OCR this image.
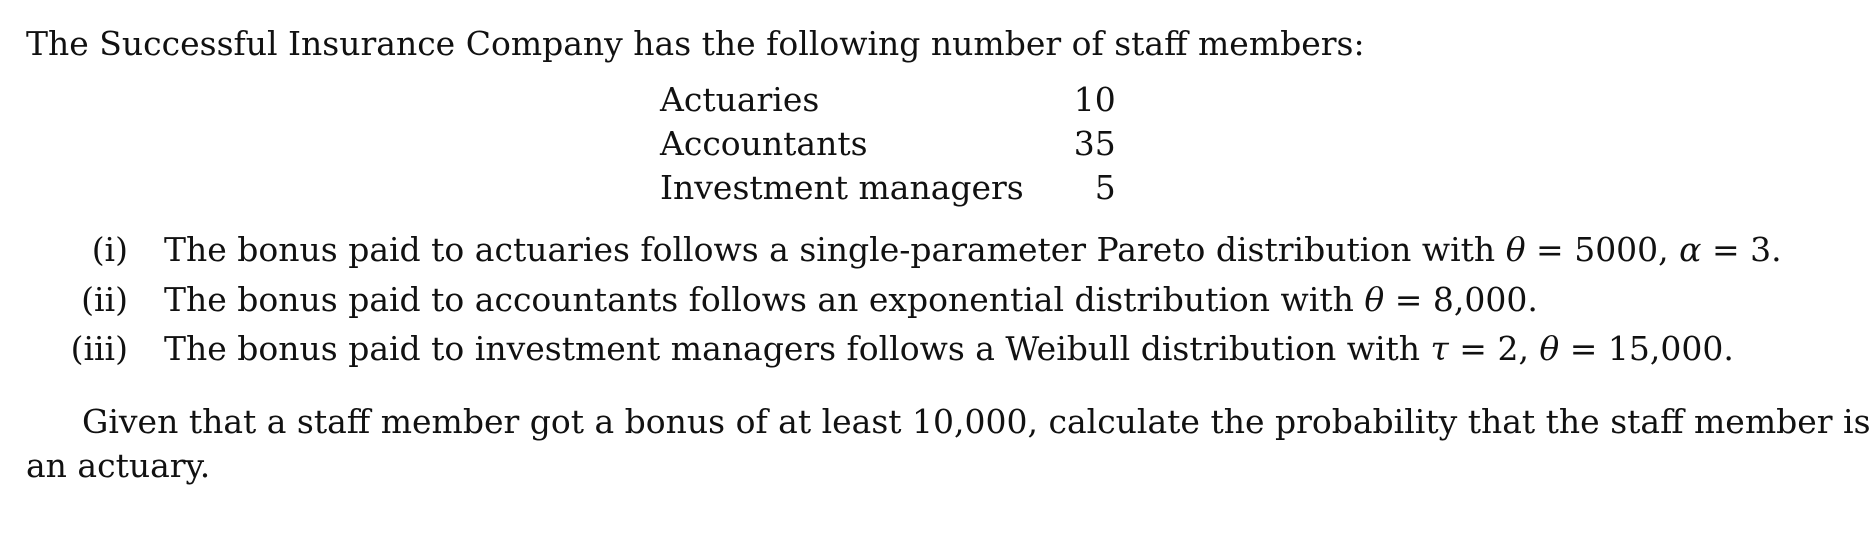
The Successful Insurance Company has the following number of staff members:
Actuaries	10
Accountants	35
Investment managers	5
(i) The bonus paid to actuaries follows a single-parameter Pareto distribution with θ = 5000, α = 3.
(ii) The bonus paid to accountants follows an exponential distribution with θ = 8,000.
(iii) The bonus paid to investment managers follows a Weibull distribution with τ = 2, θ = 15,000.
Given that a staff member got a bonus of at least 10,000, calculate the probability that the staff member is
an actuary.
